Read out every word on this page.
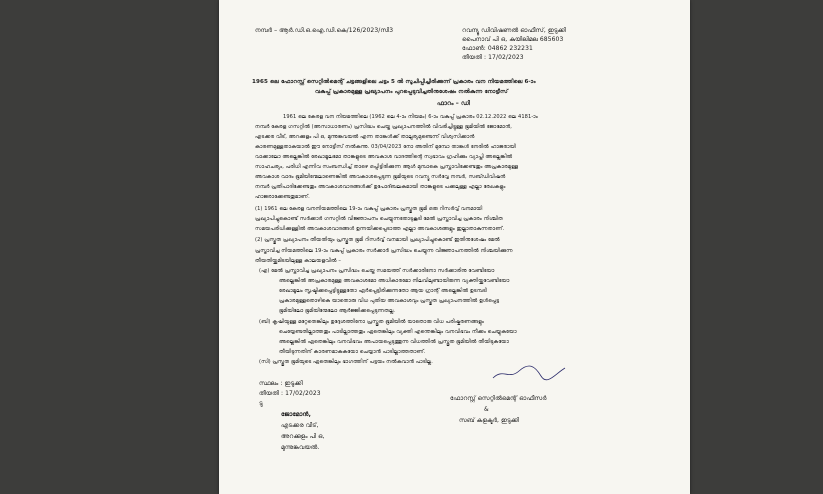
നമ്പർ – ആർ.ഡി.ഒ.ഐ.ഡി.കെ/126/2023/സി3	റവന്യൂ ഡിവിഷണൽ ഓഫീസ്, ഇടുക്കി
പൈനാവ് പി ഒ, കുയിലിമല 685603
ഫോൺ: 04862 232231
തീയതി : 17/02/2023
1965 ലെ ഫോറസ്റ്റ് സെറ്റിൽമെന്റ് ചട്ടങ്ങളിലെ ചട്ടം 5 ൽ സൂചിപ്പിച്ചിരിക്കുന്ന് പ്രകാരം വന നിയമത്തിലെ 6-ാം
വകുപ്പ് പ്രകാരമുള്ള പ്രഖ്യാപനം പുറപ്പെടുവിച്ചതിനുശേഷം നൽകുന്ന നോട്ടീസ്
ഫാറം – ഡി
1961 ലെ കേരള വന നിയമത്തിലെ (1962 ലെ 4-ാം നിയമം) 6-ാം വകുപ്പ് പ്രകാരം 02.12.2022 ലെ 4181-ാം
നമ്പർ കേരള ഗസറ്റിൽ (അസാധാരണം) പ്രസിദ്ധം ചെയ്ത പ്രഖ്യാപനത്തിൽ വിവരിച്ചിട്ടുള്ള ഭൂമിയിൽ ജോമോൻ,
എടക്കര വീട്, അറക്കുളം പി ഒ, മുന്നുങ്കവയൽ എന്ന താങ്കൾക്ക് താല്പര്യമുണ്ടെന്ന് വിശ്വസിക്കാൻ
കാരണമുള്ളതാകയാൽ ഈ നോട്ടീസ് നൽകുന്നു. 03/04/2023 നോ അതിന് മുമ്പോ താങ്കൾ നേരിൽ ഹാജരായി
വാക്കാലോ അല്ലെങ്കിൽ രേഖാമൂലമോ താങ്കളുടെ അവകാശ വാദത്തിന്റെ സ്വഭാവം ഗ്രഹിക്കും വ്യാപ്തി അല്ലെങ്കിൽ
സാഹചര്യം, പരിധി എന്നിവ സംബന്ധിച്ച് താഴെ ഒപ്പിട്ടിരിക്കുന്ന ആൾ മുമ്പാകെ പ്രസ്താവിക്കേണ്ടതും അപ്രകാരമുള്ള
അവകാശ വാദം ഭൂമിയിന്മേലാണെങ്കിൽ അവകാശപ്പെടുന്ന ഭൂമിയുടെ റവന്യൂ സർവ്വേ നമ്പർ, സബ്ഡിവിഷൻ
നമ്പർ പ്രതിപാദിക്കേണ്ടതും അവകാശവാദങ്ങൾക്ക് ഉപോദ്ബലകമായി താങ്കളുടെ പക്കലുള്ള എല്ലാ രേഖകളും
ഹാജരാക്കേണ്ടതുമാണ്.
(1) 1961 ലെ കേരള വനനിയമത്തിലെ 19-ാം വകുപ്പ് പ്രകാരം പ്രസ്തുത ഭൂമി ഒരു റിസർവ്വ് വനമായി
പ്രഖ്യാപിച്ചുകൊണ്ട് സർക്കാർ ഗസറ്റിൽ വിജ്ഞാപനം ചെയ്യുന്നതോടുകൂടി മേൽ പ്രസ്താവിച്ച പ്രകാരം നിശ്ചിത
സമയപരിധിക്കുള്ളിൽ അവകാശവാദങ്ങൾ ഉന്നയിക്കപ്പെടാത്ത എല്ലാ അവകാശങ്ങളും ഇല്ലാതാകുന്നതാണ്.
(2) പ്രസ്തുത പ്രഖ്യാപനം തീയതിയും പ്രസ്തുത ഭൂമി റിസർവ്വ് വനമായി പ്രഖ്യാപിച്ചുകൊണ്ട് ഇതിനുശേഷം മേൽ
പ്രസ്താവിച്ച നിയമത്തിലെ 19-ാം വകുപ്പ് പ്രകാരം സർക്കാർ പ്രസിദ്ധം ചെയ്യുന്ന വിജ്ഞാപനത്തിൽ നിശ്ചയിക്കുന്ന
തീയതിയ്ക്കുമിടയിലുള്ള കാലയളവിൽ –
(എ) മേൽ പ്രസ്താവിച്ച പ്രഖ്യാപനം പ്രസിദ്ധം ചെയ്ത സമയത്ത് സർക്കാരിനോ സർക്കാരിനു വേണ്ടിയോ
അല്ലെങ്കിൽ അപ്രകാരമുള്ള അവകാശമോ അധികാരമോ നിലവിലുണ്ടായിരുന്ന വ്യക്തിയ്ക്കുവേണ്ടിയോ
രേഖാമൂലം സൃഷ്ടിക്കപ്പെട്ടിട്ടുള്ളതോ ഏർപ്പെട്ടിരിക്കുന്നതോ ആയ ഗ്രാന്റ് അല്ലെങ്കിൽ ഉടമ്പടി
പ്രകാരമുള്ളതൊഴികെ യാതൊരു വിധ പുതിയ അവകാശവും പ്രസ്തുത പ്രഖ്യാപനത്തിൽ ഉൾപ്പെട്ട
ഭൂമിയിലോ ഭൂമിയിന്മേലോ ആർജ്ജിക്കപ്പെടുന്നതല്ല.
(ബി) കൃഷിയുള്ള മറ്റേതെങ്കിലും ഉദ്ദേശത്തിനോ പ്രസ്തുത ഭൂമിയിൽ യാതൊരു വിധ പരിഷ്കരണങ്ങളും
ചെയ്യേണ്ടതില്ലാത്തതും പാടില്ലാത്തതും ഏതെങ്കിലും വ്യക്തി എന്തെങ്കിലും വനവിഭവം നീക്കം ചെയ്യുകയോ
അല്ലെങ്കിൽ ഏതെങ്കിലും വനവിഭവം അപായപ്പെടുത്തുന്ന വിധത്തിൽ പ്രസ്തുത ഭൂമിയിൽ തീയിടുകയോ
തീയിടുന്നതിന് കാരണമാകുകയോ ചെയ്യാൻ പാടില്ലാത്തതാണ്.
(സി) പ്രസ്തുത ഭൂമിയുടെ ഏതെങ്കിലും ഭാഗത്തിന് പട്ടയം നൽകുവാൻ പാടില്ല.
സ്ഥലം : ഇടുക്കി
തീയതി : 17/02/2023
ടു
ജോമോൻ,
എടക്കര വീട്,
അറക്കുളം പി ഒ,
മുന്നുങ്കവയൽ.
ഫോറസ്റ്റ് സെറ്റിൽമെന്റ് ഓഫീസർ
&
സബ് കളക്ടർ, ഇടുക്കി
